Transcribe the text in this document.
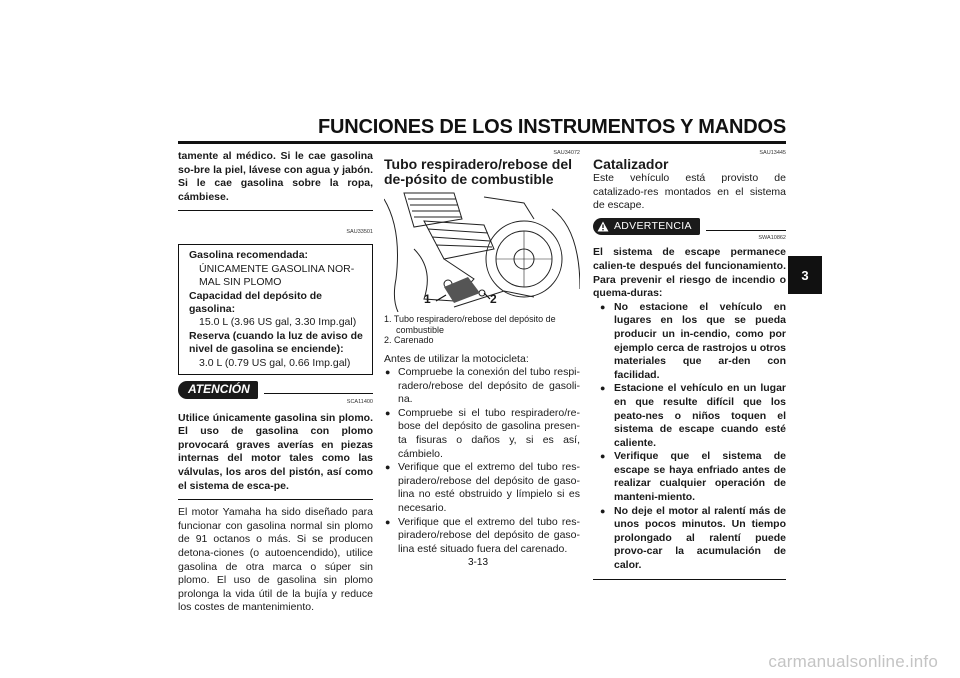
FUNCIONES DE LOS INSTRUMENTOS Y MANDOS
3
tamente al médico. Si le cae gasolina so-bre la piel, lávese con agua y jabón. Si le cae gasolina sobre la ropa, cámbiese.
SAU33501
Gasolina recomendada:
ÚNICAMENTE GASOLINA NOR-
MAL SIN PLOMO
Capacidad del depósito de gasolina:
15.0 L (3.96 US gal, 3.30 Imp.gal)
Reserva (cuando la luz de aviso de
nivel de gasolina se enciende):
3.0 L (0.79 US gal, 0.66 Imp.gal)
ATENCIÓN
SCA11400
Utilice únicamente gasolina sin plomo. El uso de gasolina con plomo provocará graves averías en piezas internas del motor tales como las válvulas, los aros del pistón, así como el sistema de esca-pe.
El motor Yamaha ha sido diseñado para funcionar con gasolina normal sin plomo de 91 octanos o más. Si se producen detona-ciones (o autoencendido), utilice gasolina de otra marca o súper sin plomo. El uso de gasolina sin plomo prolonga la vida útil de la bujía y reduce los costes de mantenimiento.
SAU34072
Tubo respiradero/rebose del de-pósito de combustible
1	2
1. Tubo respiradero/rebose del depósito de
combustible
2. Carenado
Antes de utilizar la motocicleta:
● Compruebe la conexión del tubo respi-radero/rebose del depósito de gasoli-na.
● Compruebe si el tubo respiradero/re-bose del depósito de gasolina presen-ta fisuras o daños y, si es así, cámbielo.
● Verifique que el extremo del tubo res-piradero/rebose del depósito de gaso-lina no esté obstruido y límpielo si es necesario.
● Verifique que el extremo del tubo res-piradero/rebose del depósito de gaso-lina esté situado fuera del carenado.
SAU13445
Catalizador
Este vehículo está provisto de catalizado-res montados en el sistema de escape.
ADVERTENCIA
SWA10862
El sistema de escape permanece calien-te después del funcionamiento. Para prevenir el riesgo de incendio o quema-duras:
● No estacione el vehículo en lugares en los que se pueda producir un in-cendio, como por ejemplo cerca de rastrojos u otros materiales que ar-den con facilidad.
● Estacione el vehículo en un lugar en que resulte difícil que los peato-nes o niños toquen el sistema de escape cuando esté caliente.
● Verifique que el sistema de escape se haya enfriado antes de realizar cualquier operación de manteni-miento.
● No deje el motor al ralentí más de unos pocos minutos. Un tiempo prolongado al ralentí puede provo-car la acumulación de calor.
3-13
carmanualsonline.info
